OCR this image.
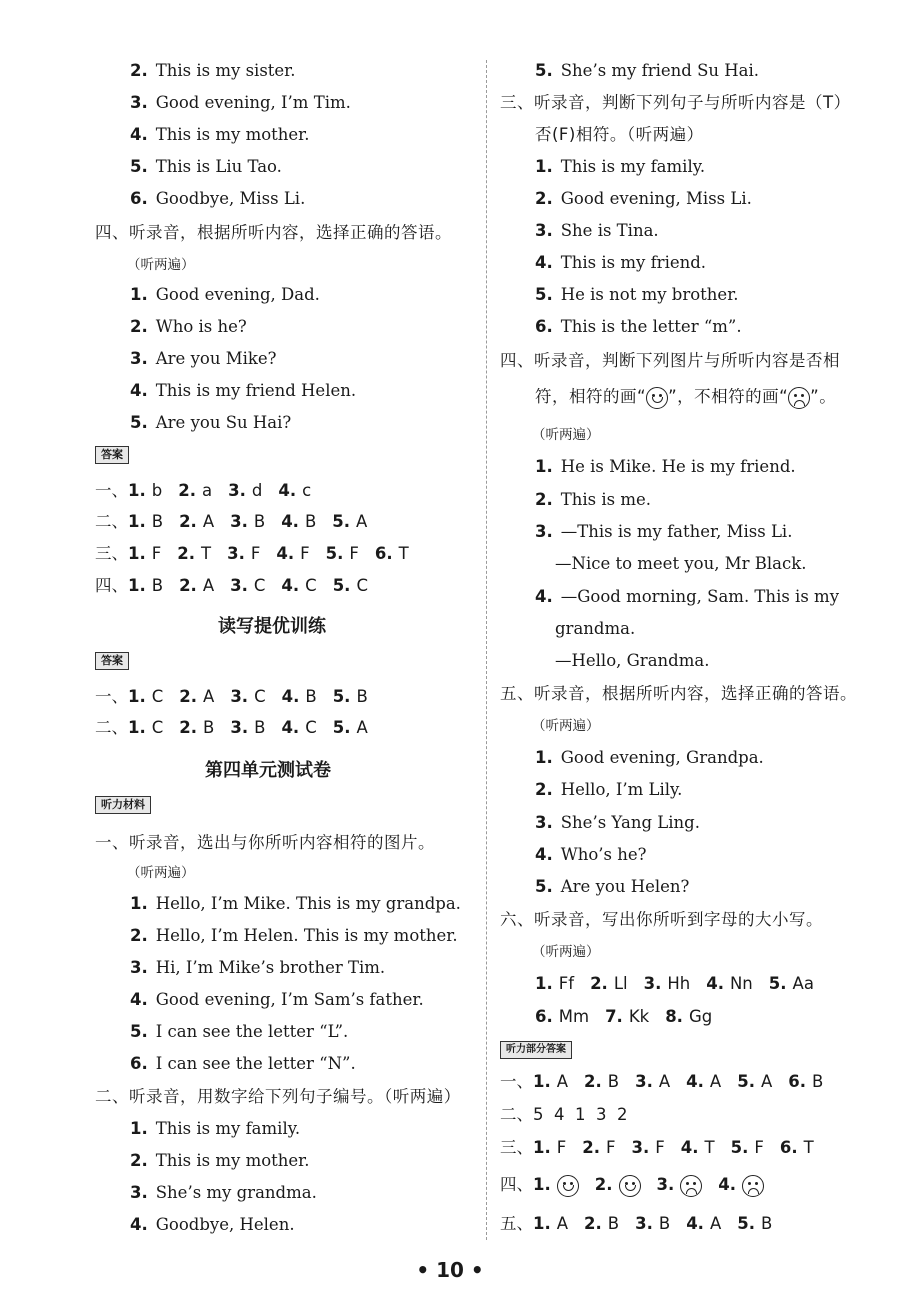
2. This is my sister.
3. Good evening, I’m Tim.
4. This is my mother.
5. This is Liu Tao.
6. Goodbye, Miss Li.
四、听录音，根据所听内容，选择正确的答语。
（听两遍）
1. Good evening, Dad.
2. Who is he?
3. Are you Mike?
4. This is my friend Helen.
5. Are you Su Hai?
答案
一、1. b 2. a 3. d 4. c
二、1. B 2. A 3. B 4. B 5. A
三、1. F 2. T 3. F 4. F 5. F 6. T
四、1. B 2. A 3. C 4. C 5. C
读写提优训练
答案
一、1. C 2. A 3. C 4. B 5. B
二、1. C 2. B 3. B 4. C 5. A
第四单元测试卷
听力材料
一、听录音，选出与你所听内容相符的图片。
（听两遍）
1. Hello, I’m Mike. This is my grandpa.
2. Hello, I’m Helen. This is my mother.
3. Hi, I’m Mike’s brother Tim.
4. Good evening, I’m Sam’s father.
5. I can see the letter “L”.
6. I can see the letter “N”.
二、听录音，用数字给下列句子编号。（听两遍）
1. This is my family.
2. This is my mother.
3. She’s my grandma.
4. Goodbye, Helen.
5. She’s my friend Su Hai.
三、听录音，判断下列句子与所听内容是（T）
否(F)相符。（听两遍）
1. This is my family.
2. Good evening, Miss Li.
3. She is Tina.
4. This is my friend.
5. He is not my brother.
6. This is the letter “m”.
四、听录音，判断下列图片与所听内容是否相
符，相符的画“ ”，不相符的画“ ”。
（听两遍）
1. He is Mike. He is my friend.
2. This is me.
3. —This is my father, Miss Li.
—Nice to meet you, Mr Black.
4. —Good morning, Sam. This is my
grandma.
—Hello, Grandma.
五、听录音，根据所听内容，选择正确的答语。
（听两遍）
1. Good evening, Grandpa.
2. Hello, I’m Lily.
3. She’s Yang Ling.
4. Who’s he?
5. Are you Helen?
六、听录音，写出你所听到字母的大小写。
（听两遍）
1. Ff 2. Ll 3. Hh 4. Nn 5. Aa
6. Mm 7. Kk 8. Gg
听力部分答案
一、1. A 2. B 3. A 4. A 5. A 6. B
二、5  4  1  3  2
三、1. F 2. F 3. F 4. T 5. F 6. T
四、1.	2.	3.	4.
五、1. A 2. B 3. B 4. A 5. B
• 10 •
